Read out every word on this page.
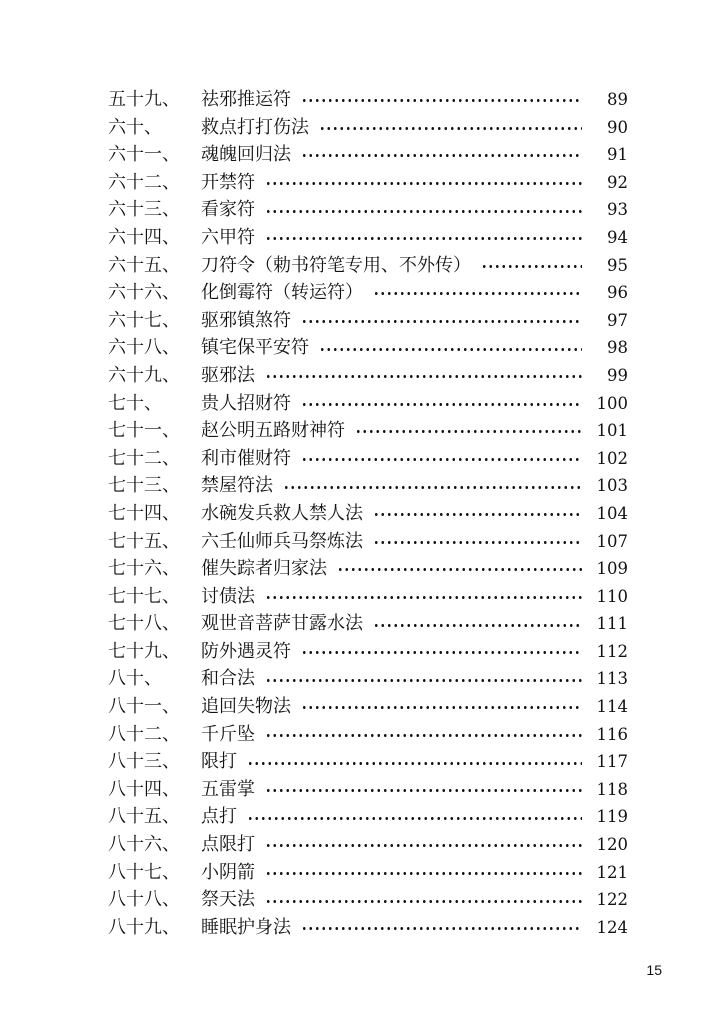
五十九、 祛邪推运符	89
六十、 救点打打伤法	90
六十一、 魂魄回归法	91
六十二、 开禁符	92
六十三、 看家符	93
六十四、 六甲符	94
六十五、 刀符令（勅书符笔专用、不外传）	95
六十六、 化倒霉符（转运符）	96
六十七、 驱邪镇煞符	97
六十八、 镇宅保平安符	98
六十九、 驱邪法	99
七十、 贵人招财符	100
七十一、 赵公明五路财神符	101
七十二、 利市催财符	102
七十三、 禁屋符法	103
七十四、 水碗发兵救人禁人法	104
七十五、 六壬仙师兵马祭炼法	107
七十六、 催失踪者归家法	109
七十七、 讨债法	110
七十八、 观世音菩萨甘露水法	111
七十九、 防外遇灵符	112
八十、 和合法	113
八十一、 追回失物法	114
八十二、 千斤坠	116
八十三、 限打	117
八十四、 五雷掌	118
八十五、 点打	119
八十六、 点限打	120
八十七、 小阴箭	121
八十八、 祭天法	122
八十九、 睡眠护身法	124
15
